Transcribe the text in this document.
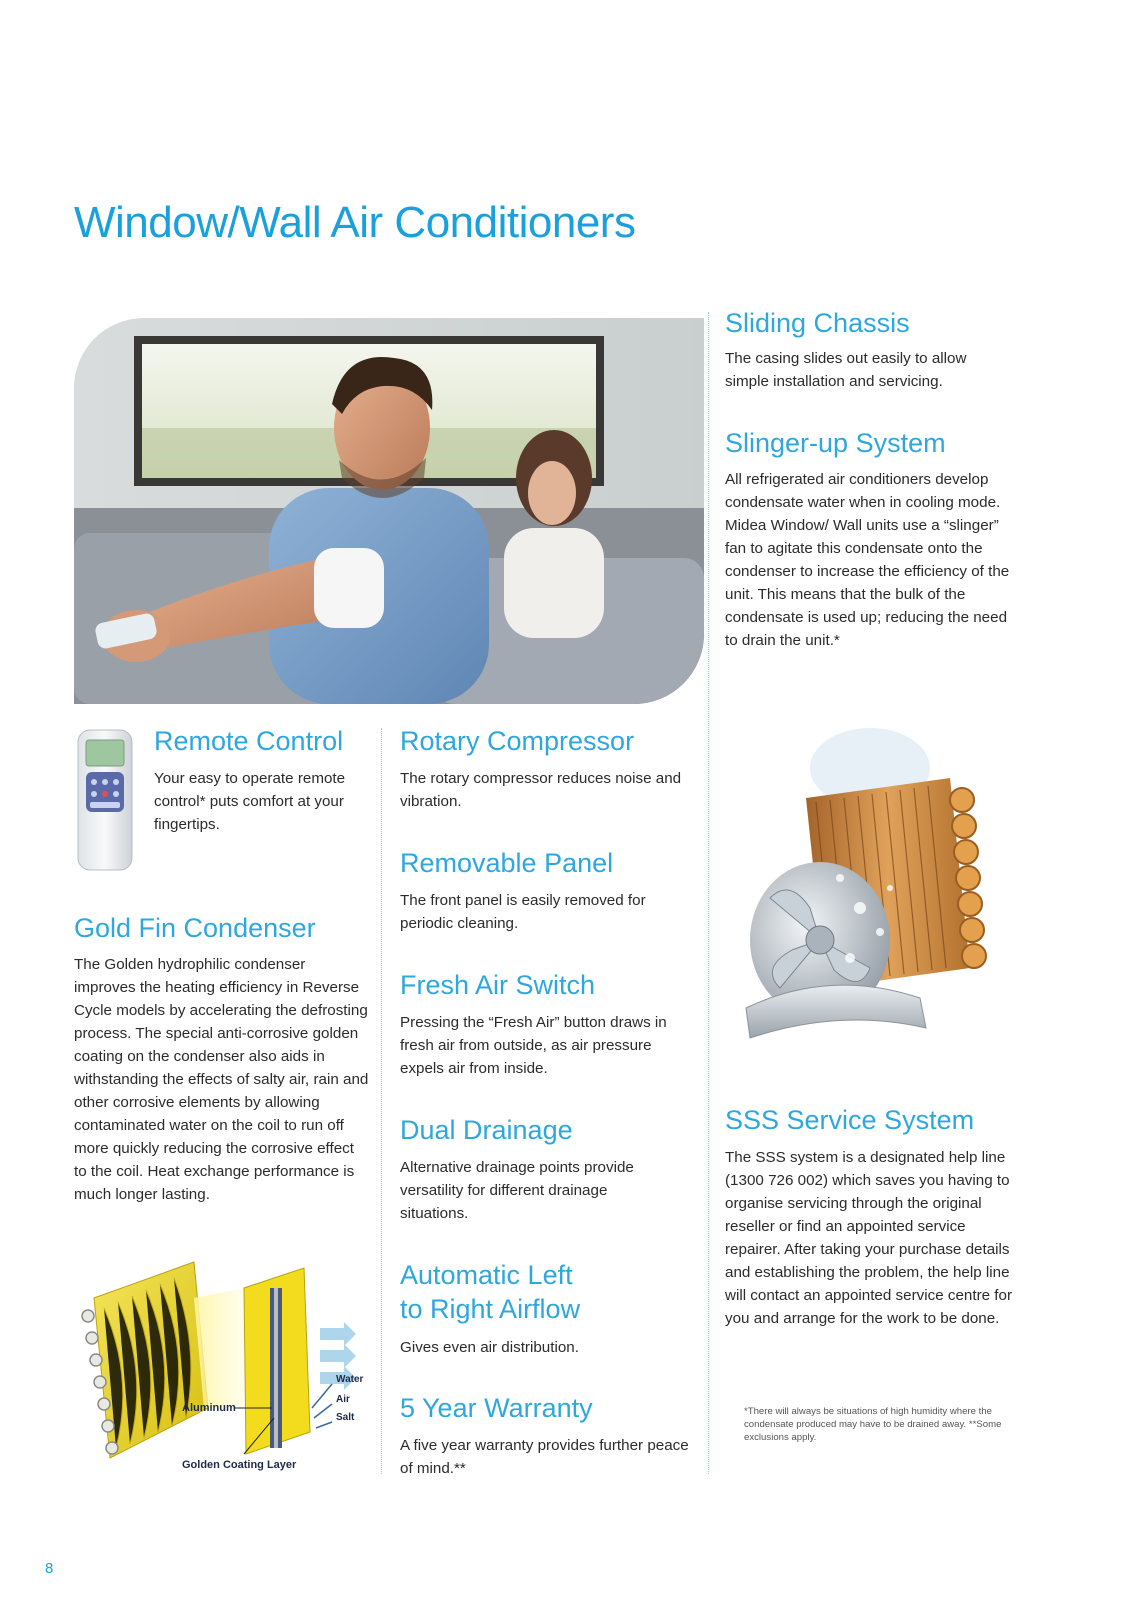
Window/Wall Air Conditioners
Sliding Chassis

The casing slides out easily to allow simple installation and servicing.

Slinger-up System

All refrigerated air conditioners develop condensate water when in cooling mode. Midea Window/ Wall units use a “slinger” fan to agitate this condensate onto the condenser to increase the efficiency of the unit. This means that the bulk of the condensate is used up; reducing the need to drain the unit.*

Remote Control

Your easy to operate remote control* puts comfort at your fingertips.

Gold Fin Condenser

The Golden hydrophilic condenser improves the heating efficiency in Reverse Cycle models by accelerating the defrosting process. The special anti-corrosive golden coating on the condenser also aids in withstanding the effects of salty air, rain and other corrosive elements by allowing contaminated water on the coil to run off more quickly reducing the corrosive effect to the coil. Heat exchange performance is much longer lasting.

Rotary Compressor

The rotary compressor reduces noise and vibration.

Removable Panel

The front panel is easily removed for periodic cleaning.

Fresh Air Switch

Pressing the “Fresh Air” button draws in fresh air from outside, as air pressure expels air from inside.

Dual Drainage

Alternative drainage points provide versatility for different drainage situations.

Automatic Left
to Right Airflow

Gives even air distribution.

5 Year Warranty

A five year warranty provides further peace of mind.**

SSS Service System

The SSS system is a designated help line (1300 726 002) which saves you having to organise servicing through the original reseller or find an appointed service repairer. After taking your purchase details and establishing the problem, the help line will contact an appointed service centre for you and arrange for the work to be done.

*There will always be situations of high humidity where the condensate produced may have to be drained away. **Some exclusions apply.

Aluminum
Golden Coating Layer
Water
Air
Salt
8
